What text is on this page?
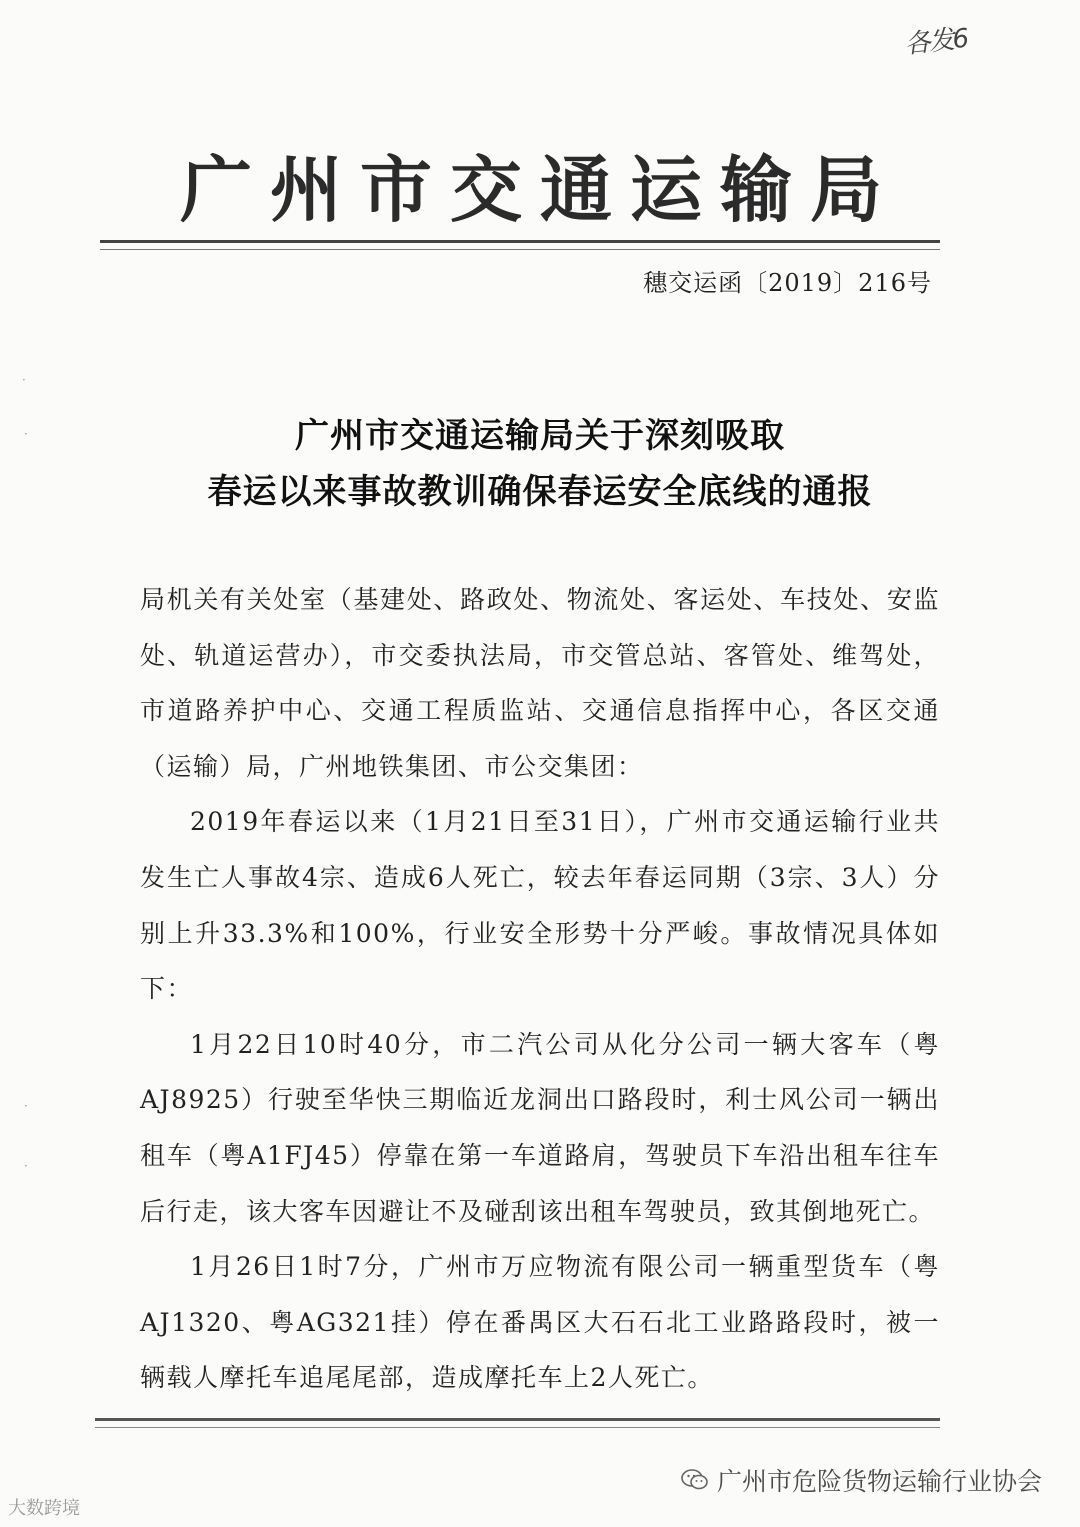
各发6
广州市交通运输局
穗交运函〔2019〕216号
·
·
·
·
广州市交通运输局关于深刻吸取
春运以来事故教训确保春运安全底线的通报

局机关有关处室（基建处、路政处、物流处、客运处、车技处、安监处、轨道运营办），市交委执法局，市交管总站、客管处、维驾处，市道路养护中心、交通工程质监站、交通信息指挥中心，各区交通（运输）局，广州地铁集团、市公交集团：

2019年春运以来（1月21日至31日），广州市交通运输行业共发生亡人事故4宗、造成6人死亡，较去年春运同期（3宗、3人）分别上升33.3%和100%，行业安全形势十分严峻。事故情况具体如下：

1月22日10时40分，市二汽公司从化分公司一辆大客车（粤AJ8925）行驶至华快三期临近龙洞出口路段时，利士风公司一辆出租车（粤A1FJ45）停靠在第一车道路肩，驾驶员下车沿出租车往车后行走，该大客车因避让不及碰刮该出租车驾驶员，致其倒地死亡。

1月26日1时7分，广州市万应物流有限公司一辆重型货车（粤AJ1320、粤AG321挂）停在番禺区大石石北工业路路段时，被一辆载人摩托车追尾尾部，造成摩托车上2人死亡。

大数跨境
广州市危险货物运输行业协会
